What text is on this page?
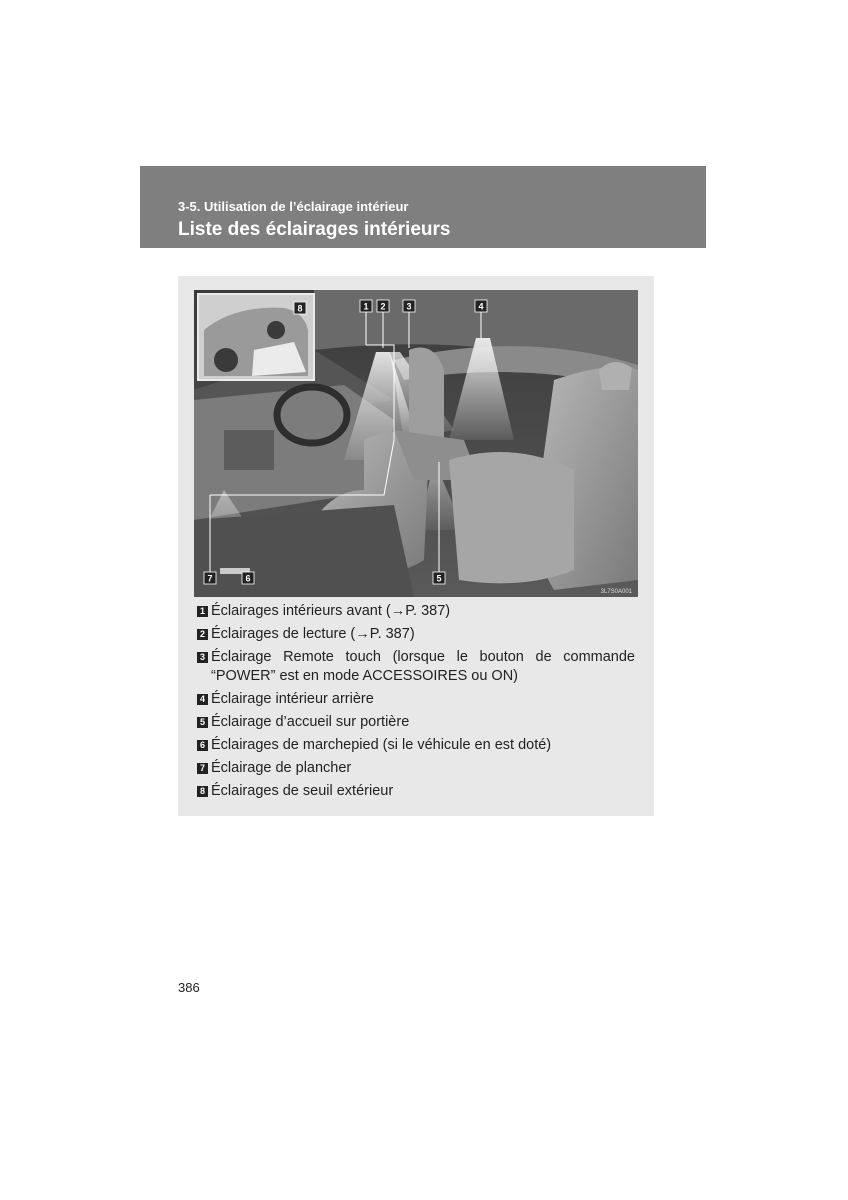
3-5. Utilisation de l’éclairage intérieur
Liste des éclairages intérieurs
1 2 3	4
5
6
7
8
3L7S0A001
1 Éclairages intérieurs avant (→P. 387)
2 Éclairages de lecture (→P. 387)
3 Éclairage Remote touch (lorsque le bouton de commande “POWER” est en mode ACCESSOIRES ou ON)
4 Éclairage intérieur arrière
5 Éclairage d’accueil sur portière
6 Éclairages de marchepied (si le véhicule en est doté)
7 Éclairage de plancher
8 Éclairages de seuil extérieur
386
